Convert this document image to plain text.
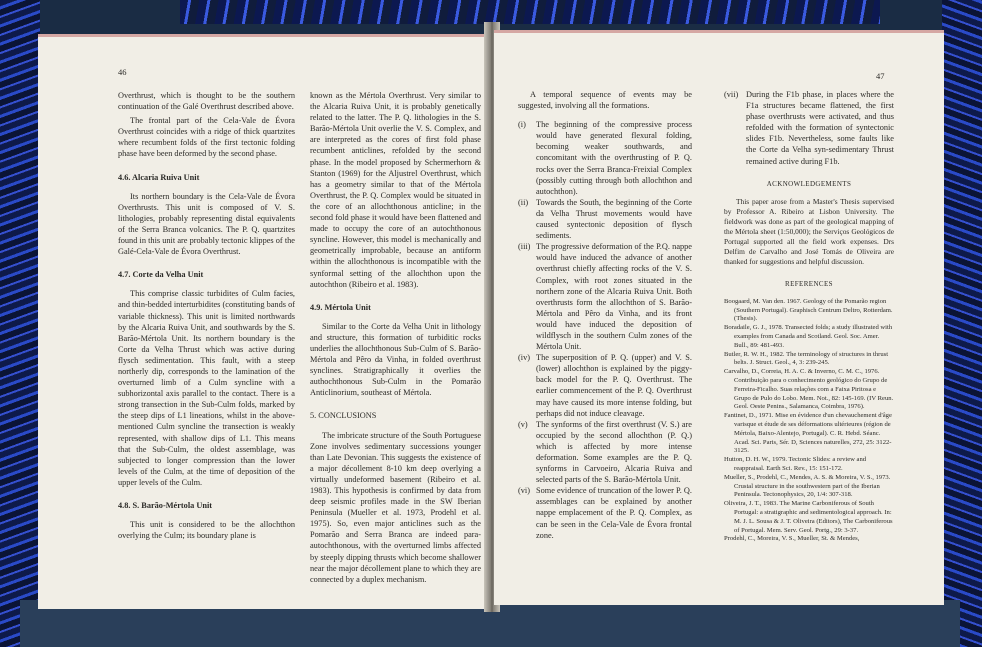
46

Overthrust, which is thought to be the southern continuation of the Galé Overthrust described above.

The frontal part of the Cela-Vale de Évora Overthrust coincides with a ridge of thick quartzites where recumbent folds of the first tectonic folding phase have been deformed by the second phase.

4.6. Alcaria Ruiva Unit

Its northern boundary is the Cela-Vale de Évora Overthrusts. This unit is composed of V. S. lithologies, probably representing distal equivalents of the Serra Branca volcanics. The P. Q. quartzites found in this unit are probably tectonic klippes of the Galé-Cela-Vale de Évora Overthrust.

4.7. Corte da Velha Unit

This comprise classic turbidites of Culm facies, and thin-bedded interturbidites (constituting bands of variable thickness). This unit is limited northwards by the Alcaria Ruiva Unit, and southwards by the S. Barão-Mértola Unit. Its northern boundary is the Corte da Velha Thrust which was active during flysch sedimentation. This fault, with a steep northerly dip, corresponds to the lamination of the overturned limb of a Culm syncline with a subhorizontal axis parallel to the contact. There is a strong transection in the Sub-Culm folds, marked by the steep dips of L1 lineations, whilst in the above-mentioned Culm syncline the transection is weakly represented, with shallow dips of L1. This means that the Sub-Culm, the oldest assemblage, was subjected to longer compression than the lower levels of the Culm, at the time of deposition of the upper levels of the Culm.

4.8. S. Barão-Mértola Unit

This unit is considered to be the allochthon overlying the Culm; its boundary plane is

known as the Mértola Overthrust. Very similar to the Alcaria Ruiva Unit, it is probably genetically related to the latter. The P. Q. lithologies in the S. Barão-Mértola Unit overlie the V. S. Complex, and are interpreted as the cores of first fold phase recumbent anticlines, refolded by the second phase. In the model proposed by Schermerhorn & Stanton (1969) for the Aljustrel Overthrust, which has a geometry similar to that of the Mértola Overthrust, the P. Q. Complex would be situated in the core of an allochthonous anticline; in the second fold phase it would have been flattened and made to occupy the core of an autochthonous syncline. However, this model is mechanically and geometrically improbable, because an antiform within the allochthonous is incompatible with the synformal setting of the allochthon upon the autochthon (Ribeiro et al. 1983).

4.9. Mértola Unit

Similar to the Corte da Velha Unit in lithology and structure, this formation of turbiditic rocks underlies the allochthonous Sub-Culm of S. Barão-Mértola and Pêro da Vinha, in folded overthrust synclines. Stratigraphically it overlies the authochthonous Sub-Culm in the Pomarão Anticlinorium, southeast of Mértola.

5. CONCLUSIONS

The imbricate structure of the South Portuguese Zone involves sedimentary successions younger than Late Devonian. This suggests the existence of a major décollement 8-10 km deep overlying a virtually undeformed basement (Ribeiro et al. 1983). This hypothesis is confirmed by data from deep seismic profiles made in the SW Iberian Peninsula (Mueller et al. 1973, Prodehl et al. 1975). So, even major anticlines such as the Pomarão and Serra Branca are indeed para-autochthonous, with the overturned limbs affected by steeply dipping thrusts which become shallower near the major décollement plane to which they are connected by a duplex mechanism.

47

A temporal sequence of events may be suggested, involving all the formations.

(i)	The beginning of the compressive process would have generated flexural folding, becoming weaker southwards, and concomitant with the overthrusting of P. Q. rocks over the Serra Branca-Freixial Complex (possibly cutting through both allochthon and autochthon).
(ii) Towards the South, the beginning of the Corte da Velha Thrust movements would have caused syntectonic deposition of flysch sediments.
(iii) The progressive deformation of the P.Q. nappe would have induced the advance of another overthrust chiefly affecting rocks of the V. S. Complex, with root zones situated in the northern zone of the Alcaria Ruiva Unit. Both overthrusts form the allochthon of S. Barão-Mértola and Pêro da Vinha, and its front would have induced the deposition of wildflysch in the southern Culm zones of the Mértola Unit.
(iv) The superposition of P. Q. (upper) and V. S. (lower) allochthon is explained by the piggy-back model for the P. Q. Overthrust. The earlier commencement of the P. Q. Overthrust may have caused its more intense folding, but perhaps did not induce cleavage.
(v)	The synforms of the first overthrust (V. S.) are occupied by the second allochthon (P. Q.) which is affected by more intense deformation. Some examples are the P. Q. synforms in Carvoeiro, Alcaria Ruiva and selected parts of the S. Barão-Mértola Unit.
(vi) Some evidence of truncation of the lower P. Q. assemblages can be explained by another nappe emplacement of the P. Q. Complex, as can be seen in the Cela-Vale de Évora frontal zone.
(vii) During the F1b phase, in places where the F1a structures became flattened, the first phase overthrusts were activated, and thus refolded with the formation of syntectonic slides F1b. Nevertheless, some faults like the Corte da Velha syn-sedimentary Thrust remained active during F1b.

ACKNOWLEDGEMENTS

This paper arose from a Master's Thesis supervised by Professor A. Ribeiro at Lisbon University. The fieldwork was done as part of the geological mapping of the Mértola sheet (1:50,000); the Serviços Geológicos de Portugal supported all the field work expenses. Drs Delfim de Carvalho and José Tomás de Oliveira are thanked for suggestions and helpful discussion.

REFERENCES

Boogaard, M. Van den. 1967. Geology of the Pomarão region (Southern Portugal). Graphisch Centrum Deltro, Rotterdam. (Thesis).

Boradaile, G. J., 1978. Transected folds; a study illustrated with examples from Canada and Scotland. Geol. Soc. Amer. Bull., 89: 481-493.

Butler, R. W. H., 1982. The terminology of structures in thrust belts. J. Struct. Geol., 4, 3: 239-245.

Carvalho, D., Correia, H. A. C. & Inverno, C. M. C., 1976. Contribuição para o conhecimento geológico do Grupo de Ferreira-Ficalho. Suas relações com a Faixa Piritosa e Grupo de Pulo do Lobo. Mem. Not., 82: 145-169. (IV Reun. Geol. Oeste Penins., Salamanca, Coimbra, 1976).

Fantinet, D., 1971. Mise en évidence d'un chevauchement d'âge varisque et étude de ses déformations ultérieures (région de Mértola, Baixo-Alentejo, Portugal). C. R. Hebd. Séanc. Acad. Sci. Paris, Sér. D, Sciences naturelles, 272, 25: 3122-3125.

Hutton, D. H. W., 1979. Tectonic Slides: a review and reappraisal. Earth Sci. Rev., 15: 151-172.

Mueller, S., Prodehl, C., Mendes, A. S. & Moreira, V. S., 1973. Crustal structure in the southwestern part of the Iberian Peninsula. Tectonophysics, 20, 1/4: 307-318.

Oliveira, J. T., 1983. The Marine Carboniferous of South Portugal: a stratigraphic and sedimentological approach. In: M. J. L. Sousa & J. T. Oliveira (Editors), The Carboniferous of Portugal. Mem. Serv. Geol. Portg., 29: 3-37.

Prodehl, C., Moreira, V. S., Mueller, St. & Mendes,
